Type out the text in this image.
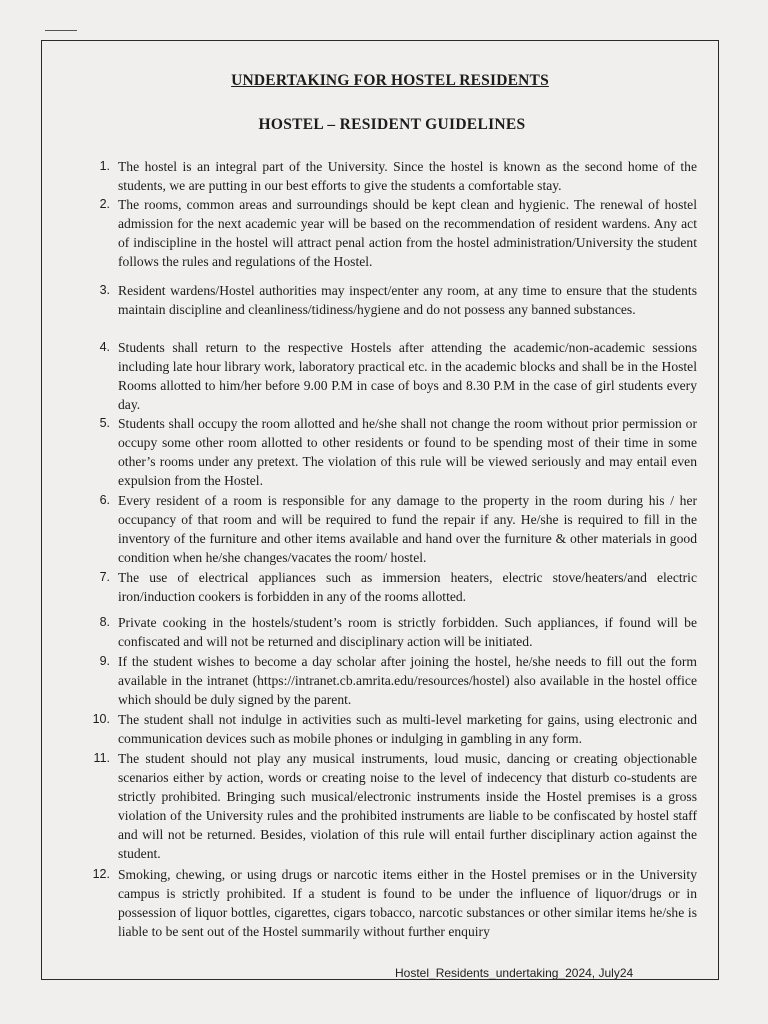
UNDERTAKING FOR HOSTEL RESIDENTS
HOSTEL – RESIDENT GUIDELINES
1. The hostel is an integral part of the University. Since the hostel is known as the second home of the students, we are putting in our best efforts to give the students a comfortable stay.
2. The rooms, common areas and surroundings should be kept clean and hygienic. The renewal of hostel admission for the next academic year will be based on the recommendation of resident wardens. Any act of indiscipline in the hostel will attract penal action from the hostel administration/University the student follows the rules and regulations of the Hostel.
3. Resident wardens/Hostel authorities may inspect/enter any room, at any time to ensure that the students maintain discipline and cleanliness/tidiness/hygiene and do not possess any banned substances.
4. Students shall return to the respective Hostels after attending the academic/non-academic sessions including late hour library work, laboratory practical etc. in the academic blocks and shall be in the Hostel Rooms allotted to him/her before 9.00 P.M in case of boys and 8.30 P.M in the case of girl students every day.
5. Students shall occupy the room allotted and he/she shall not change the room without prior permission or occupy some other room allotted to other residents or found to be spending most of their time in some other’s rooms under any pretext. The violation of this rule will be viewed seriously and may entail even expulsion from the Hostel.
6. Every resident of a room is responsible for any damage to the property in the room during his / her occupancy of that room and will be required to fund the repair if any. He/she is required to fill in the inventory of the furniture and other items available and hand over the furniture & other materials in good condition when he/she changes/vacates the room/ hostel.
7. The use of electrical appliances such as immersion heaters, electric stove/heaters/and electric iron/induction cookers is forbidden in any of the rooms allotted.
8. Private cooking in the hostels/student’s room is strictly forbidden. Such appliances, if found will be confiscated and will not be returned and disciplinary action will be initiated.
9. If the student wishes to become a day scholar after joining the hostel, he/she needs to fill out the form available in the intranet (https://intranet.cb.amrita.edu/resources/hostel) also available in the hostel office which should be duly signed by the parent.
10. The student shall not indulge in activities such as multi-level marketing for gains, using electronic and communication devices such as mobile phones or indulging in gambling in any form.
11. The student should not play any musical instruments, loud music, dancing or creating objectionable scenarios either by action, words or creating noise to the level of indecency that disturb co-students are strictly prohibited. Bringing such musical/electronic instruments inside the Hostel premises is a gross violation of the University rules and the prohibited instruments are liable to be confiscated by hostel staff and will not be returned. Besides, violation of this rule will entail further disciplinary action against the student.
12. Smoking, chewing, or using drugs or narcotic items either in the Hostel premises or in the University campus is strictly prohibited. If a student is found to be under the influence of liquor/drugs or in possession of liquor bottles, cigarettes, cigars tobacco, narcotic substances or other similar items he/she is liable to be sent out of the Hostel summarily without further enquiry
Hostel_Residents_undertaking_2024, July24
